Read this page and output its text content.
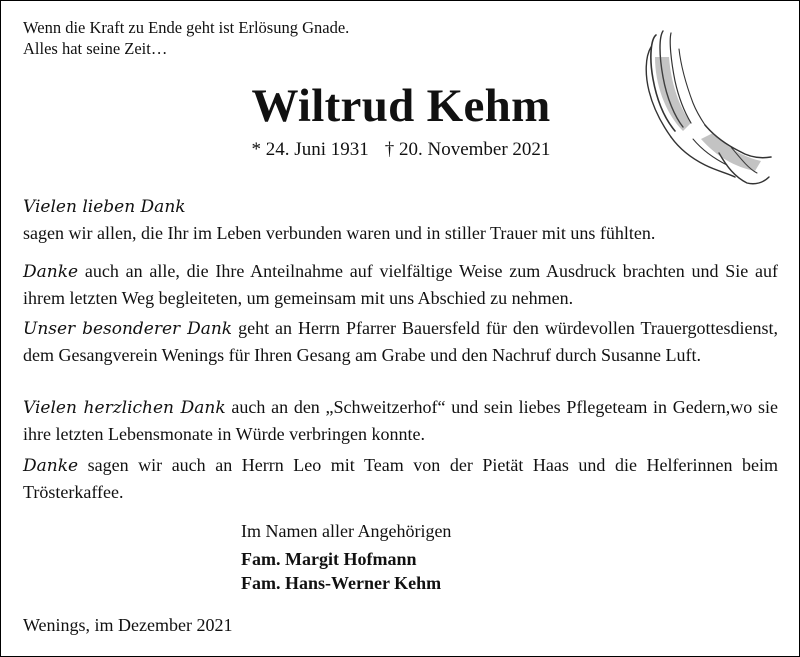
Wenn die Kraft zu Ende geht ist Erlösung Gnade.
Alles hat seine Zeit…
Wiltrud Kehm
* 24. Juni 1931 † 20. November 2021
Vielen lieben Dank
sagen wir allen, die Ihr im Leben verbunden waren und in stiller Trauer mit uns fühlten.
Danke auch an alle, die Ihre Anteilnahme auf vielfältige Weise zum Ausdruck brachten und Sie auf ihrem letzten Weg begleiteten, um gemeinsam mit uns Abschied zu nehmen.
Unser besonderer Dank geht an Herrn Pfarrer Bauersfeld für den würdevollen Trauergottesdienst, dem Gesangverein Wenings für Ihren Gesang am Grabe und den Nachruf durch Susanne Luft.
Vielen herzlichen Dank auch an den „Schweitzerhof“ und sein liebes Pflegeteam in Gedern,wo sie ihre letzten Lebensmonate in Würde verbringen konnte.
Danke sagen wir auch an Herrn Leo mit Team von der Pietät Haas und die Helferinnen beim Trösterkaffee.
Im Namen aller Angehörigen
Fam. Margit Hofmann
Fam. Hans-Werner Kehm
Wenings, im Dezember 2021
